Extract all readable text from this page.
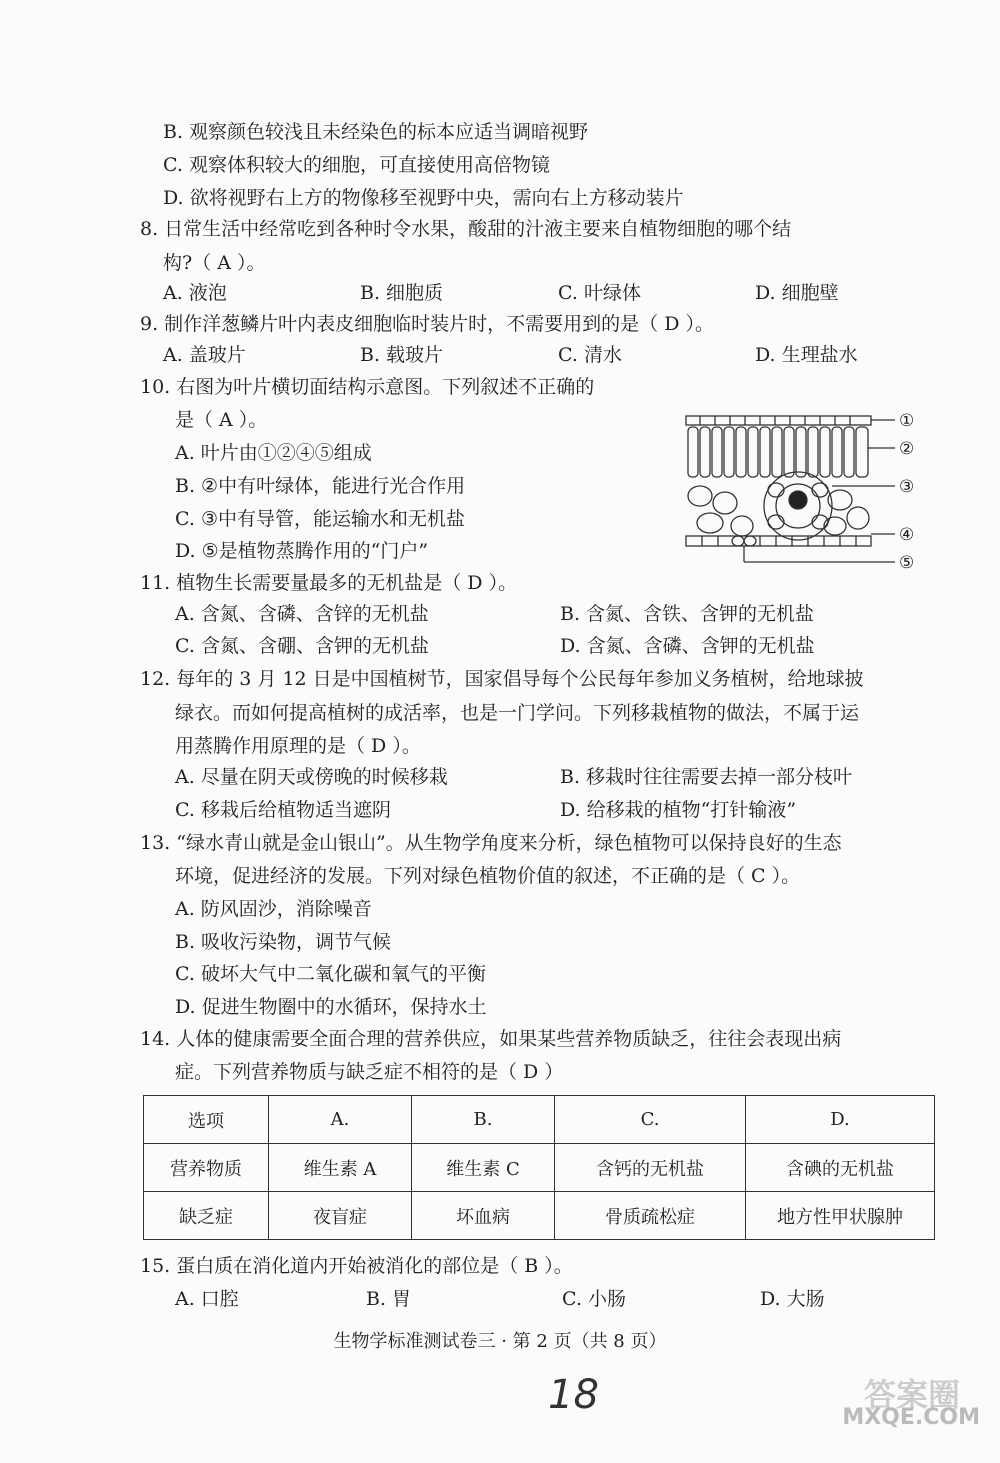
B. 观察颜色较浅且未经染色的标本应适当调暗视野
C. 观察体积较大的细胞，可直接使用高倍物镜
D. 欲将视野右上方的物像移至视野中央，需向右上方移动装片
8. 日常生活中经常吃到各种时令水果，酸甜的汁液主要来自植物细胞的哪个结
构?（ A ）。
A. 液泡	B. 细胞质	C. 叶绿体	D. 细胞壁
9. 制作洋葱鳞片叶内表皮细胞临时装片时，不需要用到的是（ D ）。
A. 盖玻片	B. 载玻片	C. 清水	D. 生理盐水
10. 右图为叶片横切面结构示意图。下列叙述不正确的
是（ A ）。
A. 叶片由①②④⑤组成
B. ②中有叶绿体，能进行光合作用
C. ③中有导管，能运输水和无机盐
D. ⑤是植物蒸腾作用的“门户”
①
②
③
④
⑤
11. 植物生长需要量最多的无机盐是（ D ）。
A. 含氮、含磷、含锌的无机盐	B. 含氮、含铁、含钾的无机盐
C. 含氮、含硼、含钾的无机盐	D. 含氮、含磷、含钾的无机盐
12. 每年的 3 月 12 日是中国植树节，国家倡导每个公民每年参加义务植树，给地球披
绿衣。而如何提高植树的成活率，也是一门学问。下列移栽植物的做法，不属于运
用蒸腾作用原理的是（ D ）。
A. 尽量在阴天或傍晚的时候移栽	B. 移栽时往往需要去掉一部分枝叶
C. 移栽后给植物适当遮阴	D. 给移栽的植物“打针输液”
13. “绿水青山就是金山银山”。从生物学角度来分析，绿色植物可以保持良好的生态
环境，促进经济的发展。下列对绿色植物价值的叙述，不正确的是（ C ）。
A. 防风固沙，消除噪音
B. 吸收污染物，调节气候
C. 破坏大气中二氧化碳和氧气的平衡
D. 促进生物圈中的水循环，保持水土
14. 人体的健康需要全面合理的营养供应，如果某些营养物质缺乏，往往会表现出病
症。下列营养物质与缺乏症不相符的是（ D ）
选项	A.	B.	C.	D.
营养物质	维生素 A	维生素 C	含钙的无机盐	含碘的无机盐
缺乏症	夜盲症	坏血病	骨质疏松症	地方性甲状腺肿
15. 蛋白质在消化道内开始被消化的部位是（ B ）。
A. 口腔	B. 胃	C. 小肠	D. 大肠
生物学标准测试卷三 · 第 2 页（共 8 页）
18	答案圈
MXQE.COM
